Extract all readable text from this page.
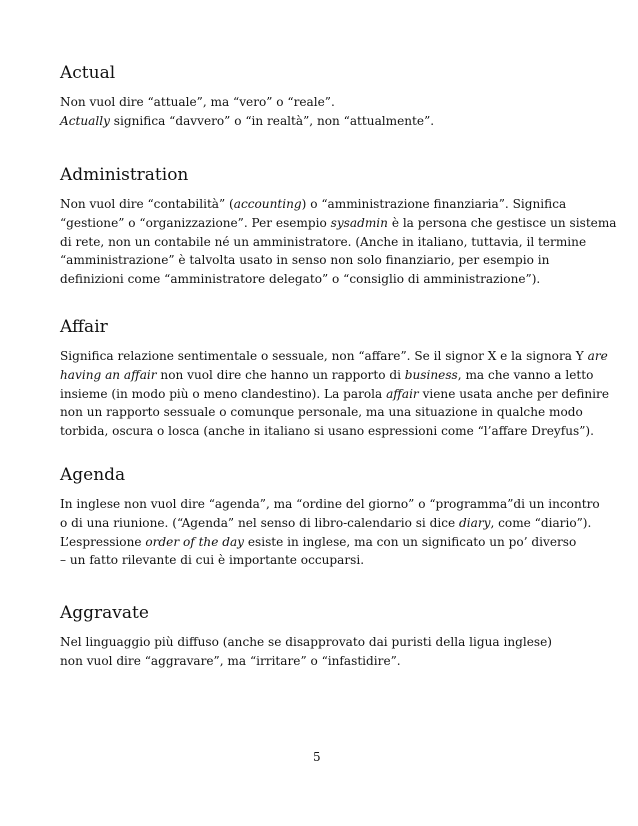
Actual

Non vuol dire “attuale”, ma “vero” o “reale”.
Actually significa “davvero” o “in realtà”, non “attualmente”.

Administration

Non vuol dire “contabilità” (accounting) o “amministrazione finanziaria”. Significa
“gestione” o “organizzazione”. Per esempio sysadmin è la persona che gestisce un sistema
di rete, non un contabile né un amministratore. (Anche in italiano, tuttavia, il termine
“amministrazione” è talvolta usato in senso non solo finanziario, per esempio in
definizioni come “amministratore delegato” o “consiglio di amministrazione”).

Affair

Significa relazione sentimentale o sessuale, non “affare”. Se il signor X e la signora Y are
having an affair non vuol dire che hanno un rapporto di business, ma che vanno a letto
insieme (in modo più o meno clandestino). La parola affair viene usata anche per definire
non un rapporto sessuale o comunque personale, ma una situazione in qualche modo
torbida, oscura o losca (anche in italiano si usano espressioni come “l’affare Dreyfus”).

Agenda

In inglese non vuol dire “agenda”, ma “ordine del giorno” o “programma”di un incontro
o di una riunione. (“Agenda” nel senso di libro-calendario si dice diary, come “diario”).
L’espressione order of the day esiste in inglese, ma con un significato un po’ diverso
– un fatto rilevante di cui è importante occuparsi.

Aggravate

Nel linguaggio più diffuso (anche se disapprovato dai puristi della ligua inglese)
non vuol dire “aggravare”, ma “irritare” o “infastidire”.

5
